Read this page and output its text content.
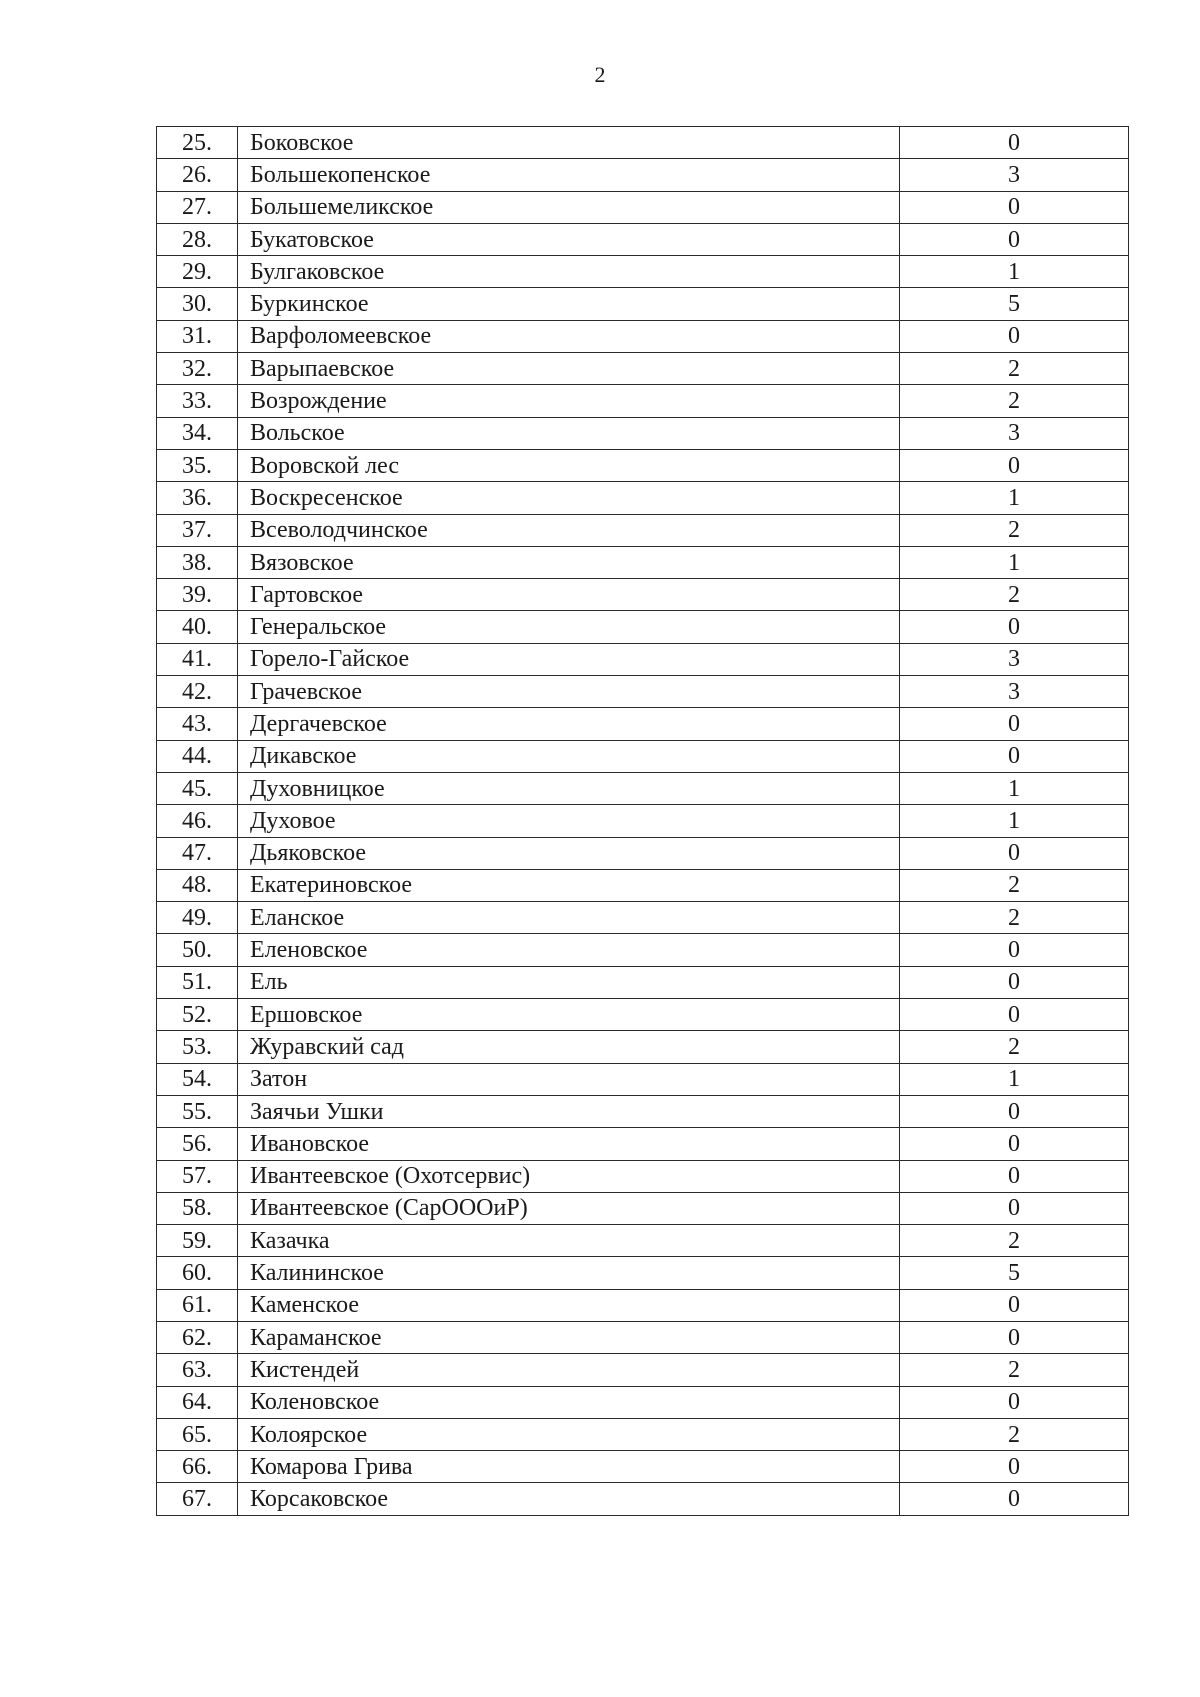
2
25.	Боковское	0
26.	Большекопенское	3
27.	Большемеликское	0
28.	Букатовское	0
29.	Булгаковское	1
30.	Буркинское	5
31.	Варфоломеевское	0
32.	Варыпаевское	2
33.	Возрождение	2
34.	Вольское	3
35.	Воровской лес	0
36.	Воскресенское	1
37.	Всеволодчинское	2
38.	Вязовское	1
39.	Гартовское	2
40.	Генеральское	0
41.	Горело-Гайское	3
42.	Грачевское	3
43.	Дергачевское	0
44.	Дикавское	0
45.	Духовницкое	1
46.	Духовое	1
47.	Дьяковское	0
48.	Екатериновское	2
49.	Еланское	2
50.	Еленовское	0
51.	Ель	0
52.	Ершовское	0
53.	Журавский сад	2
54.	Затон	1
55.	Заячьи Ушки	0
56.	Ивановское	0
57.	Ивантеевское (Охотсервис)	0
58.	Ивантеевское (СарОООиР)	0
59.	Казачка	2
60.	Калининское	5
61.	Каменское	0
62.	Караманское	0
63.	Кистендей	2
64.	Коленовское	0
65.	Колоярское	2
66.	Комарова Грива	0
67.	Корсаковское	0
